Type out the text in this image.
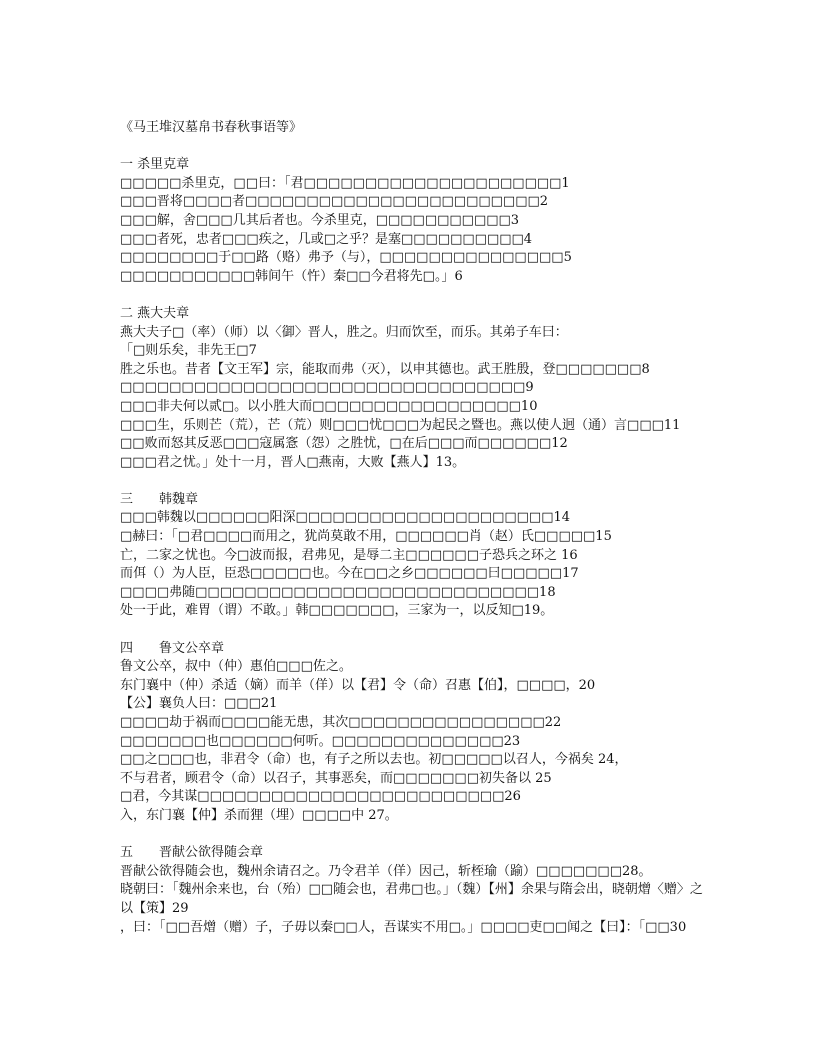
《马王堆汉墓帛书春秋事语等》
一 杀里克章
□□□□□杀里克，□□曰：「君□□□□□□□□□□□□□□□□□□□□□1
□□□晋将□□□□者□□□□□□□□□□□□□□□□□□□□□□□□2
□□□解，舍□□□几其后者也。今杀里克，□□□□□□□□□□□3
□□□者死，忠者□□□疾之，几或□之乎？是塞□□□□□□□□□□4
□□□□□□□□于□□路（赂）弗予（与），□□□□□□□□□□□□□□□5
□□□□□□□□□□□韩间午（忤）秦□□今君将先□。」6
二 燕大夫章
燕大夫子□（率）（师）以〈御〉晋人，胜之。归而饮至，而乐。其弟子车曰：
「□则乐矣，非先王□7
胜之乐也。昔者【文王军】宗，能取而弗（灭），以申其德也。武王胜殷，登□□□□□□□8
□□□□□□□□□□□□□□□□□□□□□□□□□□□□□□□□□9
□□□非夫何以贰□。以小胜大而□□□□□□□□□□□□□□□□□10
□□□生，乐则芒（荒），芒（荒）则□□□忧□□□为起民之暨也。燕以使人迥（通）言□□□11
□□败而怒其反恶□□□寇属愙（怨）之胜忧，□在后□□□而□□□□□□12
□□□君之忧。」处十一月，晋人□燕南，大败【燕人】13。
三　　韩魏章
□□□韩魏以□□□□□□阳深□□□□□□□□□□□□□□□□□□□□□14
□赫曰：「□君□□□□而用之，犹尚莫敢不用，□□□□□□肖（赵）氏□□□□□15
亡，二家之忧也。今□波而报，君弗见，是辱二主□□□□□□子恐兵之环之 16
而佴（）为人臣，臣恐□□□□□也。今在□□之乡□□□□□□曰□□□□□17
□□□□弗随□□□□□□□□□□□□□□□□□□□□□□□□□□□□18
处一于此，难胃（谓）不敢。」韩□□□□□□□，三家为一，以反知□19。
四　　鲁文公卒章
鲁文公卒，叔中（仲）惠伯□□□佐之。
东门襄中（仲）杀适（嫡）而羊（佯）以【君】令（命）召惠【伯】，□□□□，20
【公】襄负人曰：□□□21
□□□□劫于祸而□□□□能无患，其次□□□□□□□□□□□□□□□□22
□□□□□□□也□□□□□□何听。□□□□□□□□□□□□□□23
□□之□□□也，非君令（命）也，有子之所以去也。初□□□□□以召人，今祸矣 24，
不与君者，顾君令（命）以召子，其事恶矣，而□□□□□□□初失备以 25
□君，今其谋□□□□□□□□□□□□□□□□□□□□□□□□□26
入，东门襄【仲】杀而狸（埋）□□□□中 27。
五　　晋献公欲得随会章
晋献公欲得随会也，魏州余请召之。乃令君羊（佯）因己，斩桎瑜（踰）□□□□□□□28。
晓朝曰：「魏州余来也，台（殆）□□随会也，君弗□也。」（魏）【州】余果与隋会出，晓朝熷〈赠〉之以【策】29
，曰：「□□吾熷（赠）子，子毋以秦□□人，吾谋实不用□。」□□□□吏□□闻之【曰】：「□□30
